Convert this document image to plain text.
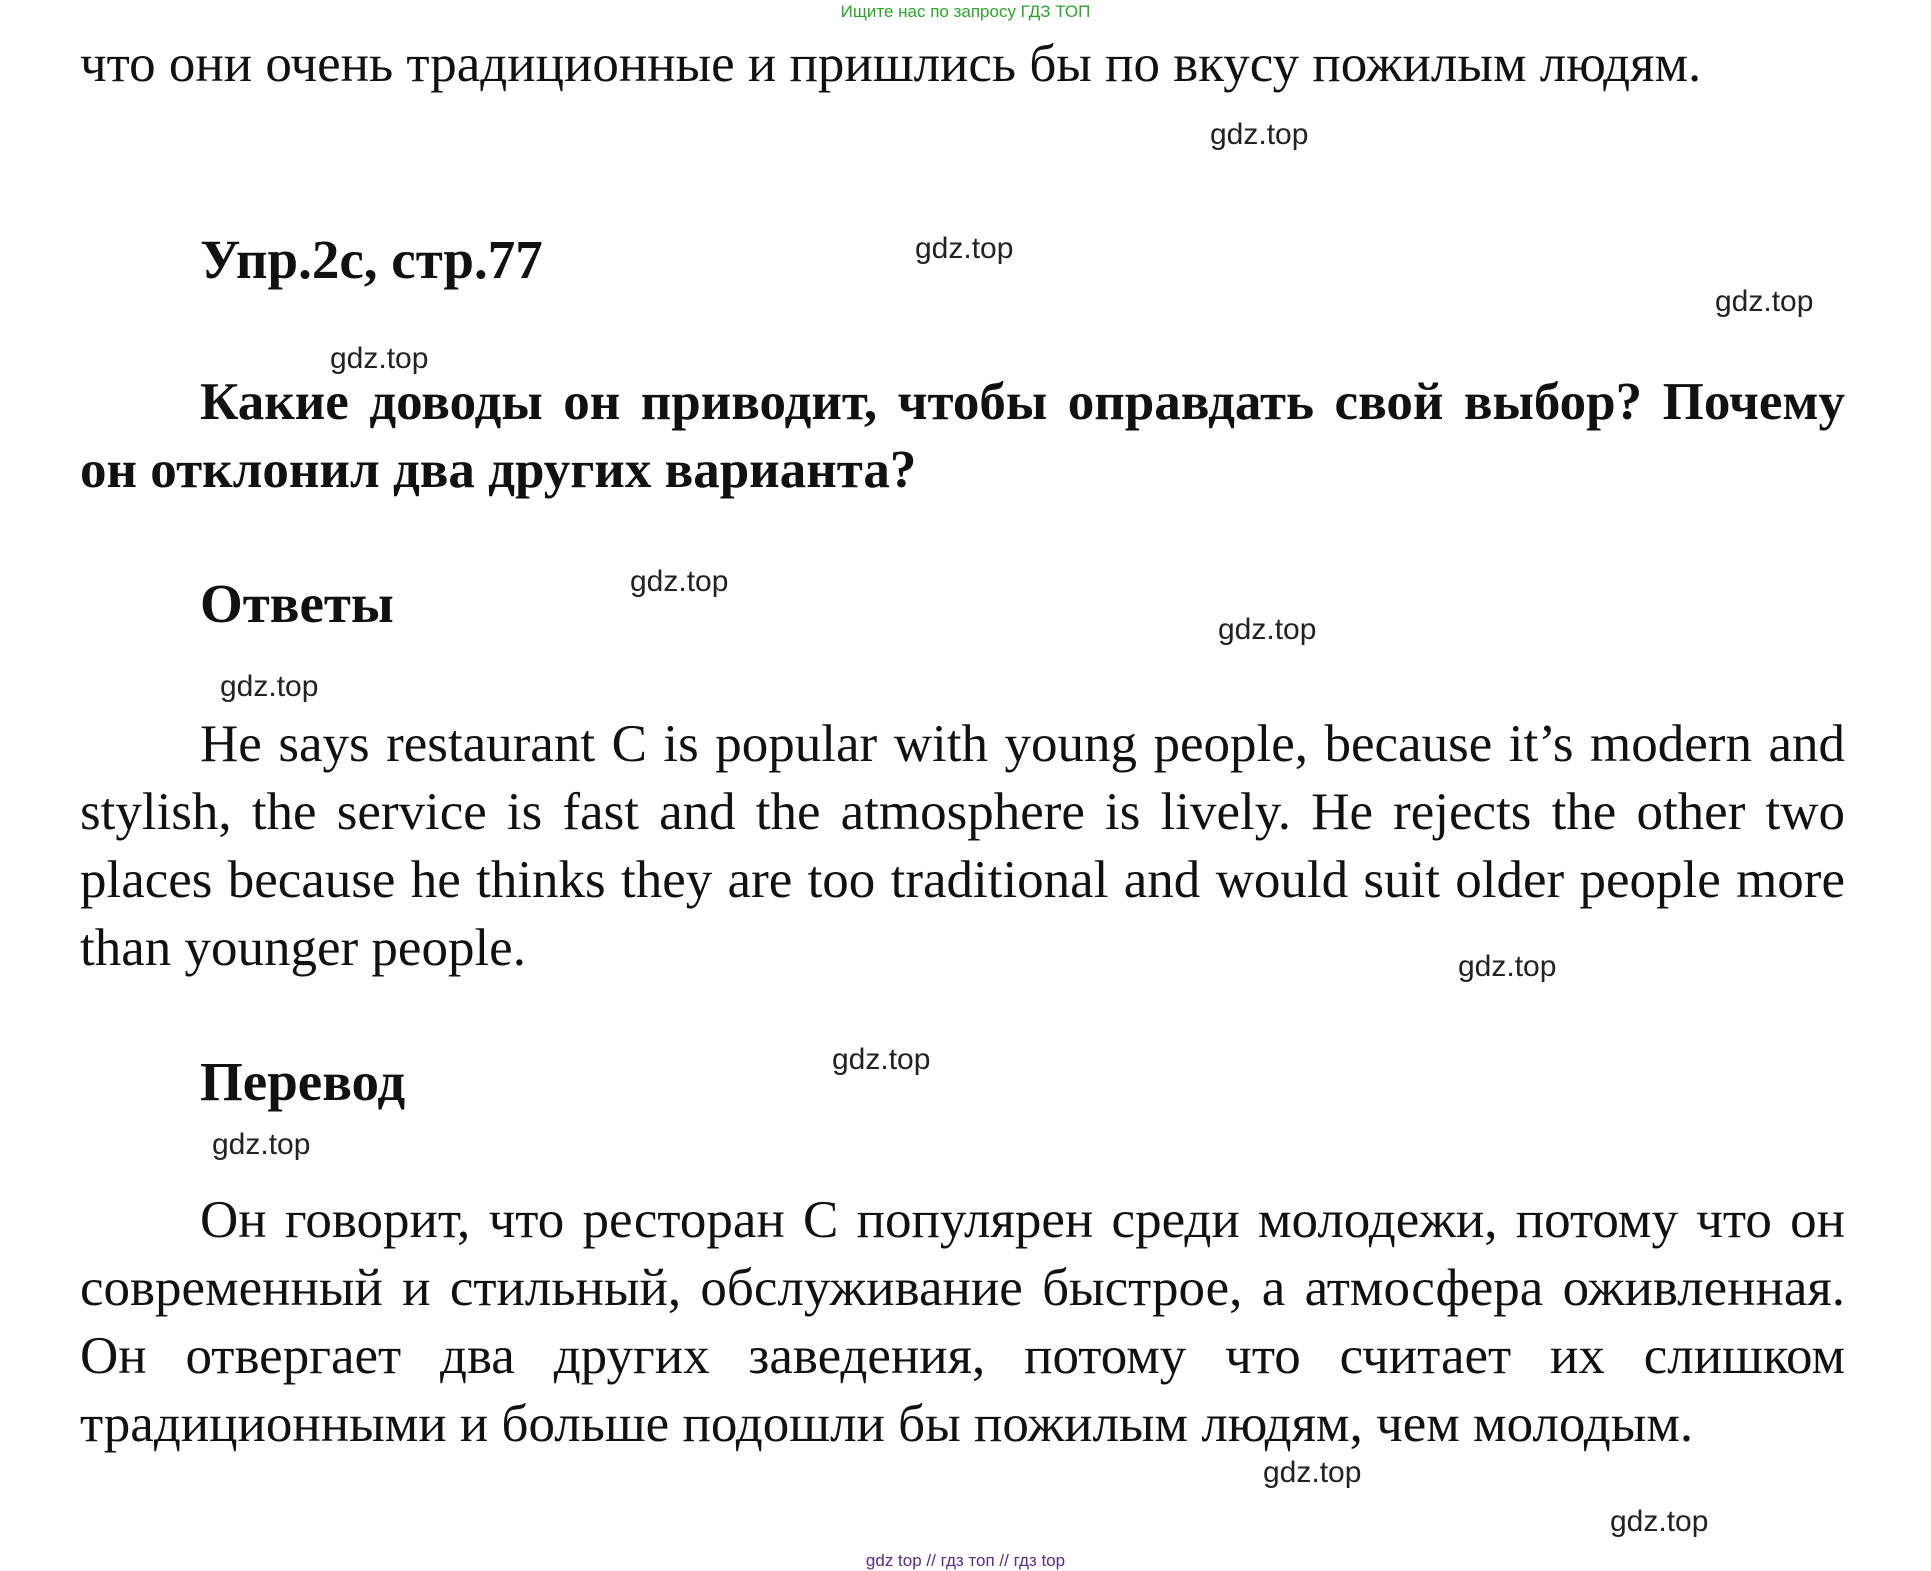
Ищите нас по запросу ГДЗ ТОП

что они очень традиционные и пришлись бы по вкусу пожилым людям.

Упр.2с, стр.77

Какие доводы он приводит, чтобы оправдать свой выбор? Почему он отклонил два других варианта?

Ответы

He says restaurant C is popular with young people, because it’s modern and stylish, the service is fast and the atmosphere is lively. He rejects the other two places because he thinks they are too traditional and would suit older people more than younger people.

Перевод

Он говорит, что ресторан С популярен среди молодежи, потому что он современный и стильный, обслуживание быстрое, а атмосфера оживленная. Он отвергает два других заведения, потому что считает их слишком традиционными и больше подошли бы пожилым людям, чем молодым.

gdz.top
gdz.top
gdz.top
gdz.top
gdz.top
gdz.top
gdz.top
gdz.top
gdz.top
gdz.top
gdz.top
gdz.top
gdz top // гдз топ // гдз top
